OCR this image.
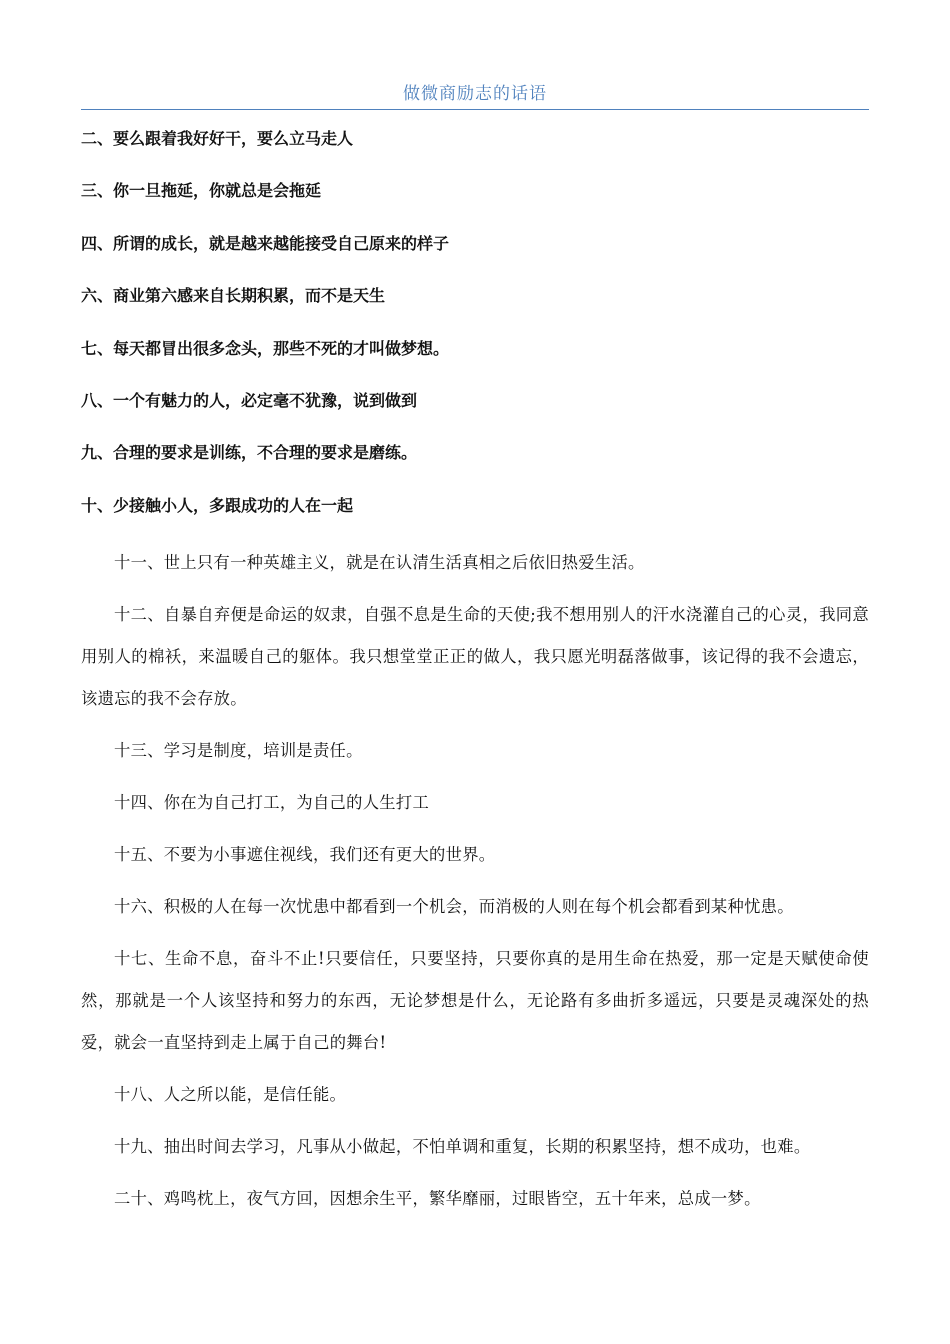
做微商励志的话语
二、要么跟着我好好干，要么立马走人
三、你一旦拖延，你就总是会拖延
四、所谓的成长，就是越来越能接受自己原来的样子
六、商业第六感来自长期积累，而不是天生
七、每天都冒出很多念头，那些不死的才叫做梦想。
八、一个有魅力的人，必定毫不犹豫，说到做到
九、合理的要求是训练，不合理的要求是磨练。
十、少接触小人，多跟成功的人在一起

十一、世上只有一种英雄主义，就是在认清生活真相之后依旧热爱生活。

十二、自暴自弃便是命运的奴隶，自强不息是生命的天使;我不想用别人的汗水浇灌自己的心灵，我同意用别人的棉袄，来温暖自己的躯体。我只想堂堂正正的做人，我只愿光明磊落做事，该记得的我不会遗忘，该遗忘的我不会存放。

十三、学习是制度，培训是责任。

十四、你在为自己打工，为自己的人生打工

十五、不要为小事遮住视线，我们还有更大的世界。

十六、积极的人在每一次忧患中都看到一个机会，而消极的人则在每个机会都看到某种忧患。

十七、生命不息，奋斗不止!只要信任，只要坚持，只要你真的是用生命在热爱，那一定是天赋使命使然，那就是一个人该坚持和努力的东西，无论梦想是什么，无论路有多曲折多遥远，只要是灵魂深处的热爱，就会一直坚持到走上属于自己的舞台!

十八、人之所以能，是信任能。

十九、抽出时间去学习，凡事从小做起，不怕单调和重复，长期的积累坚持，想不成功，也难。

二十、鸡鸣枕上，夜气方回，因想余生平，繁华靡丽，过眼皆空，五十年来，总成一梦。
